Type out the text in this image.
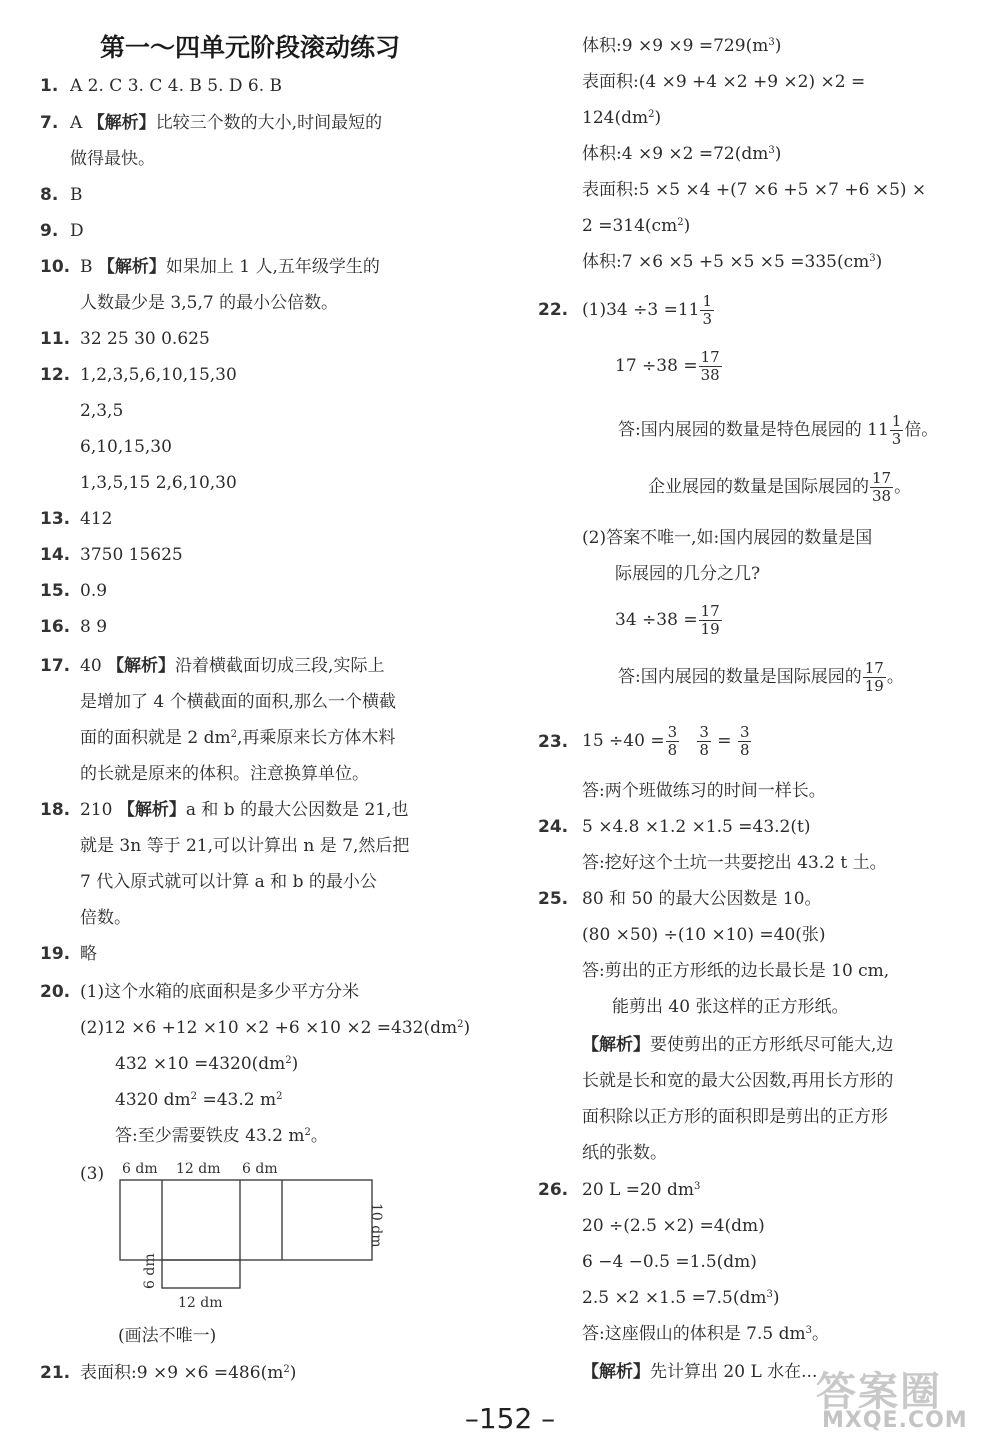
第一～四单元阶段滚动练习
1. A 2. C 3. C 4. B 5. D 6. B
7. A 【解析】比较三个数的大小,时间最短的
做得最快。
8. B
9. D
10. B 【解析】如果加上 1 人,五年级学生的
人数最少是 3,5,7 的最小公倍数。
11. 32 25 30 0.625
12. 1,2,3,5,6,10,15,30
2,3,5
6,10,15,30
1,3,5,15 2,6,10,30
13. 412
14. 3750 15625
15. 0.9
16. 8 9
17. 40 【解析】沿着横截面切成三段,实际上
是增加了 4 个横截面的面积,那么一个横截
面的面积就是 2 $dm^2$,再乘原来长方体木料
的长就是原来的体积。注意换算单位。
18. 210 【解析】a 和 b 的最大公因数是 21,也
就是 3n 等于 21,可以计算出 n 是 7,然后把
7 代入原式就可以计算 a 和 b 的最小公
倍数。
19. 略
20. (1)这个水箱的底面积是多少平方分米
$(2)12 \times 6 +12 \times 10 \times 2 +6 \times 10 \times 2 =432(dm^2)$
$432 \times 10 =4320(dm^2)$
4320 $dm^2 =43.2$ $m^2$
答:至少需要铁皮 43.2 $m^2$。
(3) 6 dm 12 dm 6 dm
10 dm
6 dm
12 dm
(画法不唯一)
21. 表面积:9 $\times 9 \times 6 =486(m^2)$
体积:9 $\times 9 \times 9 =729(m^3)$
表面积:(4 ×9 +4 ×2 +9 ×2) ×2 =
$124(dm^2)$
体积:4 $\times 9 \times 2 =72(dm^3)$
表面积:5 ×5 ×4 +(7 ×6 +5 ×7 +6 ×5) ×
$2 =314(cm^2)$
体积:7 $\times 6 \times 5 +5 \times 5 \times 5 =335(cm^3)$
22. $(1)34 \div 3 =11 \frac{1}{3}$
$17 \div 38 = \frac{17}{38}$
答:国内展园的数量是特色展园的 $11 \frac{1}{3}$ 倍。
企业展园的数量是国际展园的 $\frac{17}{38}$ 。
(2)答案不唯一,如:国内展园的数量是国
际展园的几分之几?
$34 \div 38 = \frac{17}{19}$
答:国内展园的数量是国际展园的 $\frac{17}{19}$ 。
23. $15 \div 40 = \frac{3}{8}$
$\frac{3}{8} = \frac{3}{8}$
答:两个班做练习的时间一样长。
24. 5 ×4.8 ×1.2 ×1.5 =43.2(t)
答:挖好这个土坑一共要挖出 43.2 t 土。
25. 80 和 50 的最大公因数是 10。
(80 ×50) ÷(10 ×10) =40(张)
答:剪出的正方形纸的边长最长是 10 cm,
能剪出 40 张这样的正方形纸。
【解析】要使剪出的正方形纸尽可能大,边
长就是长和宽的最大公因数,再用长方形的
面积除以正方形的面积即是剪出的正方形
纸的张数。
26. 20 L =20 $dm^3$
20 ÷(2.5 ×2) =4(dm)
6 −4 −0.5 =1.5(dm)
$2.5 \times 2 \times 1.5 =7.5(dm^3)$
答:这座假山的体积是 7.5 $dm^3$。
【解析】先计算出 20 L 水在...
–152 –
答案圈
MXQE.COM
